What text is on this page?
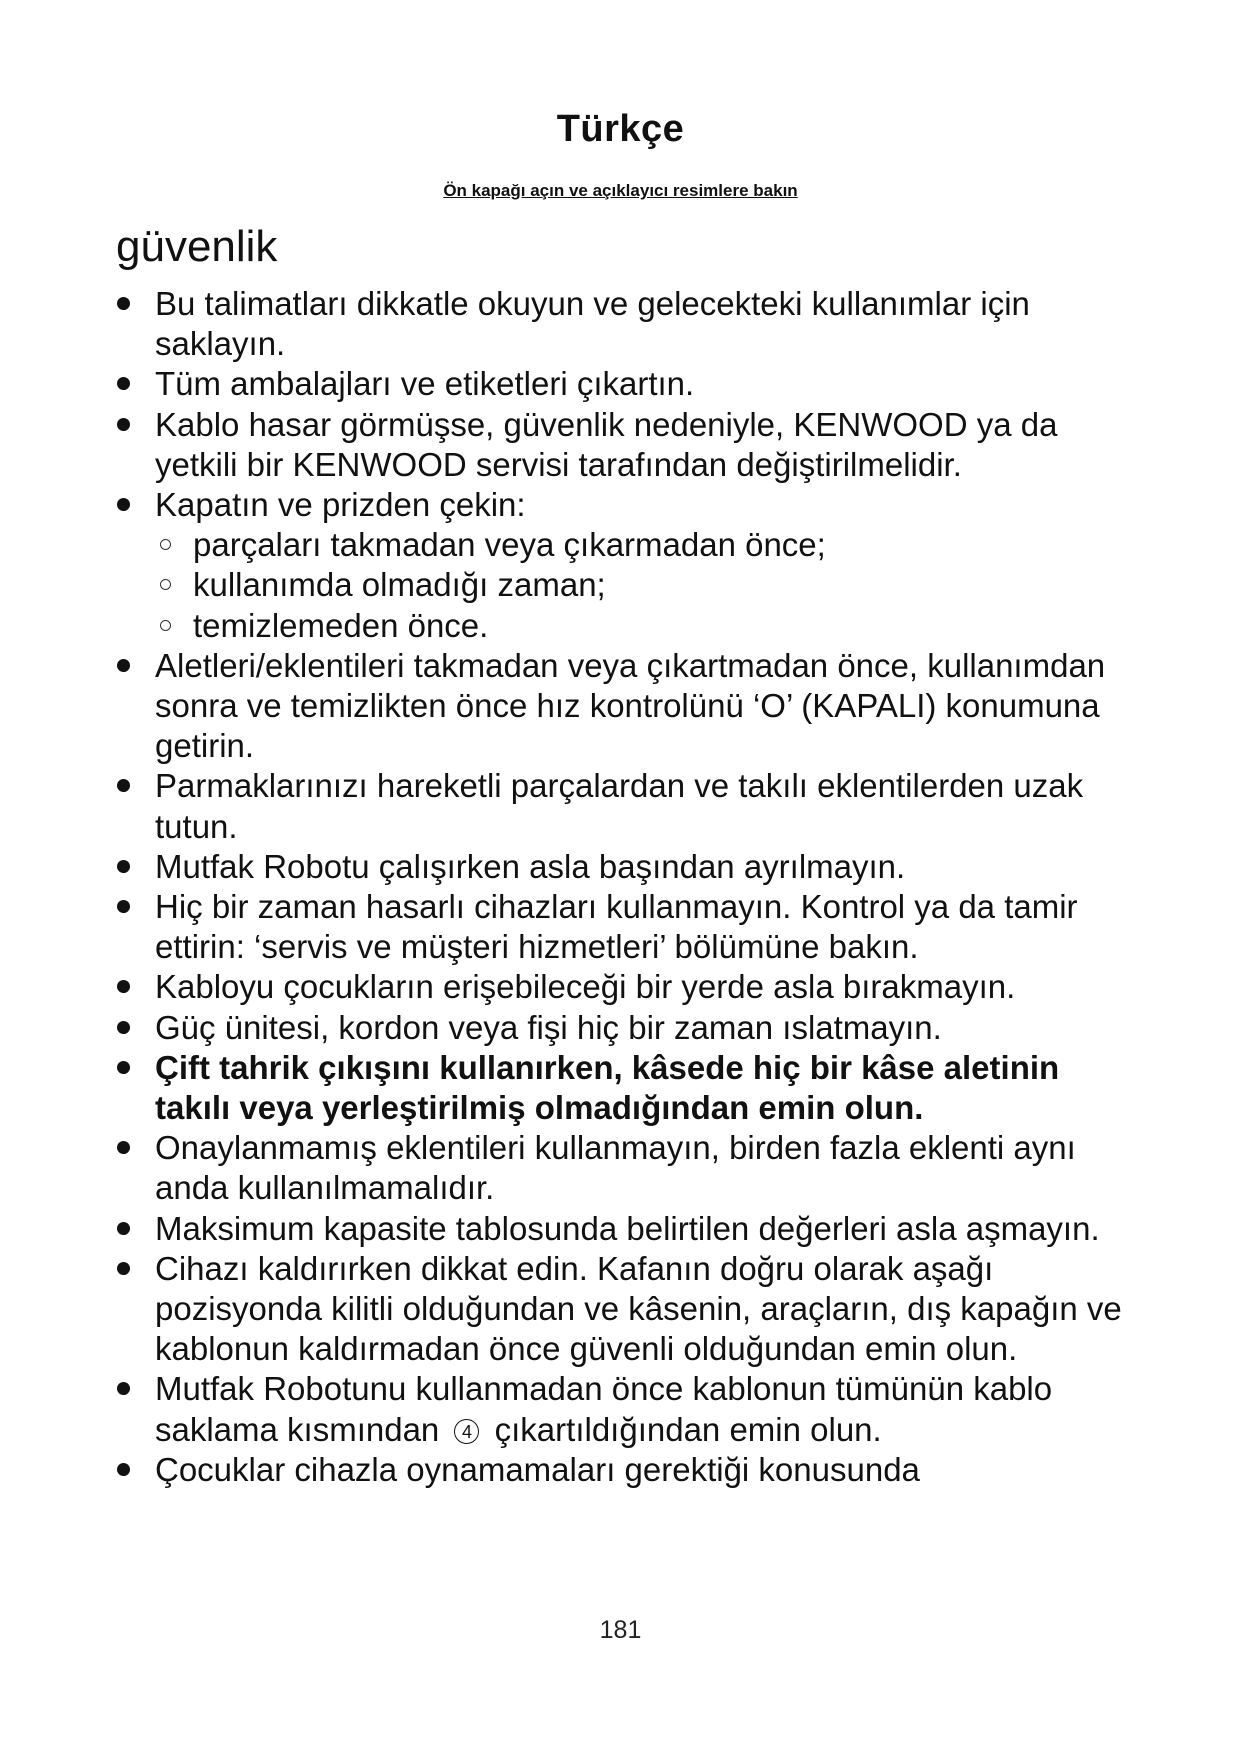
Türkçe
Ön kapağı açın ve açıklayıcı resimlere bakın
güvenlik
Bu talimatları dikkatle okuyun ve gelecekteki kullanımlar için saklayın.
Tüm ambalajları ve etiketleri çıkartın.
Kablo hasar görmüşse, güvenlik nedeniyle, KENWOOD ya da yetkili bir KENWOOD servisi tarafından değiştirilmelidir.
Kapatın ve prizden çekin:
parçaları takmadan veya çıkarmadan önce;
kullanımda olmadığı zaman;
temizlemeden önce.
Aletleri/eklentileri takmadan veya çıkartmadan önce, kullanımdan sonra ve temizlikten önce hız kontrolünü ‘O’ (KAPALI) konumuna getirin.
Parmaklarınızı hareketli parçalardan ve takılı eklentilerden uzak tutun.
Mutfak Robotu çalışırken asla başından ayrılmayın.
Hiç bir zaman hasarlı cihazları kullanmayın. Kontrol ya da tamir ettirin: ‘servis ve müşteri hizmetleri’ bölümüne bakın.
Kabloyu çocukların erişebileceği bir yerde asla bırakmayın.
Güç ünitesi, kordon veya fişi hiç bir zaman ıslatmayın.
Çift tahrik çıkışını kullanırken, kâsede hiç bir kâse aletinin takılı veya yerleştirilmiş olmadığından emin olun.
Onaylanmamış eklentileri kullanmayın, birden fazla eklenti aynı anda kullanılmamalıdır.
Maksimum kapasite tablosunda belirtilen değerleri asla aşmayın.
Cihazı kaldırırken dikkat edin. Kafanın doğru olarak aşağı pozisyonda kilitli olduğundan ve kâsenin, araçların, dış kapağın ve kablonun kaldırmadan önce güvenli olduğundan emin olun.
Mutfak Robotunu kullanmadan önce kablonun tümünün kablo saklama kısmından 4 çıkartıldığından emin olun.
Çocuklar cihazla oynamamaları gerektiği konusunda
181
